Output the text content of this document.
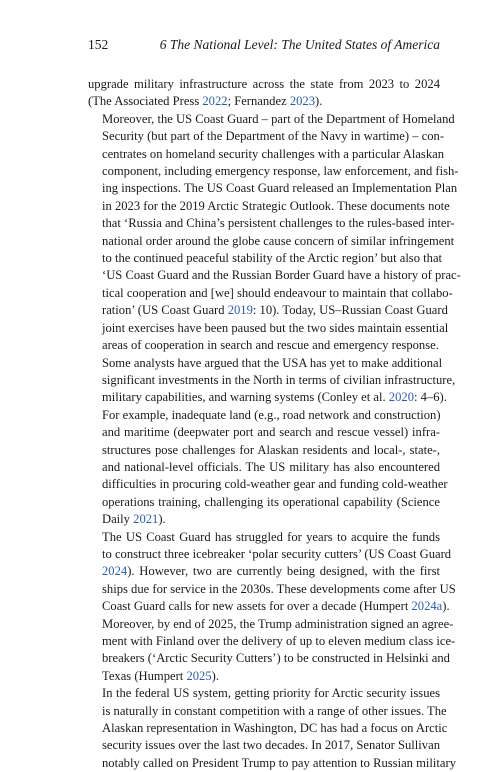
152	6 The National Level: The United States of America

upgrade military infrastructure across the state from 2023 to 2024
(The Associated Press 2022; Fernandez 2023).

Moreover, the US Coast Guard – part of the Department of Homeland
Security (but part of the Department of the Navy in wartime) – con-
centrates on homeland security challenges with a particular Alaskan
component, including emergency response, law enforcement, and fish-
ing inspections. The US Coast Guard released an Implementation Plan
in 2023 for the 2019 Arctic Strategic Outlook. These documents note
that ‘Russia and China’s persistent challenges to the rules-based inter-
national order around the globe cause concern of similar infringement
to the continued peaceful stability of the Arctic region’ but also that
‘US Coast Guard and the Russian Border Guard have a history of prac-
tical cooperation and [we] should endeavour to maintain that collabo-
ration’ (US Coast Guard 2019: 10). Today, US–Russian Coast Guard
joint exercises have been paused but the two sides maintain essential
areas of cooperation in search and rescue and emergency response.

Some analysts have argued that the USA has yet to make additional
significant investments in the North in terms of civilian infrastructure,
military capabilities, and warning systems (Conley et al. 2020: 4–6).
For example, inadequate land (e.g., road network and construction)
and maritime (deepwater port and search and rescue vessel) infra-
structures pose challenges for Alaskan residents and local-, state-,
and national-level officials. The US military has also encountered
difficulties in procuring cold-weather gear and funding cold-weather
operations training, challenging its operational capability (Science
Daily 2021).

The US Coast Guard has struggled for years to acquire the funds
to construct three icebreaker ‘polar security cutters’ (US Coast Guard
2024). However, two are currently being designed, with the first
ships due for service in the 2030s. These developments come after US
Coast Guard calls for new assets for over a decade (Humpert 2024a).
Moreover, by end of 2025, the Trump administration signed an agree-
ment with Finland over the delivery of up to eleven medium class ice-
breakers (‘Arctic Security Cutters’) to be constructed in Helsinki and
Texas (Humpert 2025).

In the federal US system, getting priority for Arctic security issues
is naturally in constant competition with a range of other issues. The
Alaskan representation in Washington, DC has had a focus on Arctic
security issues over the last two decades. In 2017, Senator Sullivan
notably called on President Trump to pay attention to Russian military
